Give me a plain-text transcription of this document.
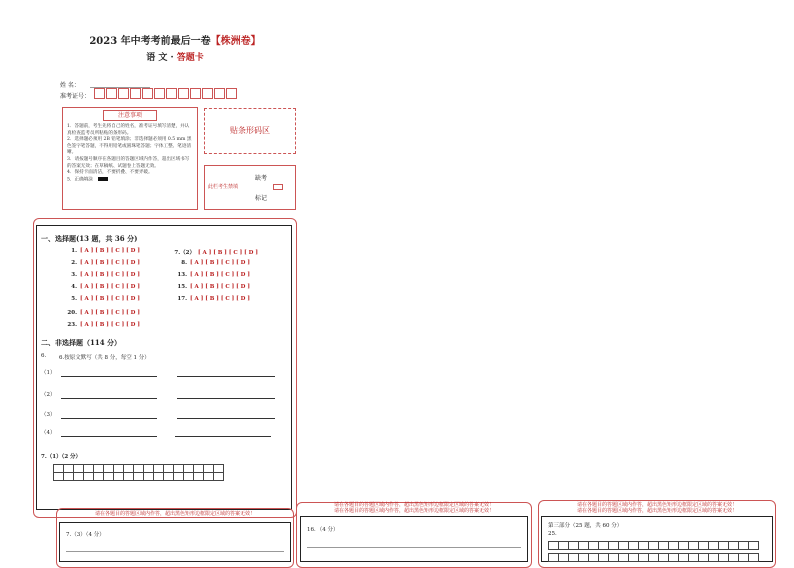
2023 年中考考前最后一卷【株洲卷】
语 文 · 答题卡
姓 名：
准考证号：
注意事项

1．答题前，考生先将自己的姓名，准考证号填写清楚，并认真检查监考员所粘贴的条形码。

2．选择题必须用 2B 铅笔填涂；非选择题必须用 0.5 mm 黑色签字笔答题，不得用铅笔或圆珠笔答题；字体工整、笔迹清晰。

3．请按题号顺序在各题目的答题区域内作答，超出区域书写的答案无效；在草稿纸、试题卷上答题无效。

4．保持卡面清洁，不要折叠、不要弄破。

5．正确填涂

贴条形码区
缺考
此栏考生禁填
标记
一、选择题(13 题，共 36 分)
1. [ A ] [ B ] [ C ] [ D ]
2. [ A ] [ B ] [ C ] [ D ]
3. [ A ] [ B ] [ C ] [ D ]
4. [ A ] [ B ] [ C ] [ D ]
5. [ A ] [ B ] [ C ] [ D ]
20. [ A ] [ B ] [ C ] [ D ]
23. [ A ] [ B ] [ C ] [ D ]
7.（2） [ A ] [ B ] [ C ] [ D ]
8. [ A ] [ B ] [ C ] [ D ]
13. [ A ] [ B ] [ C ] [ D ]
15. [ A ] [ B ] [ C ] [ D ]
17. [ A ] [ B ] [ C ] [ D ]
二、非选择题（114 分）
6. 6.按原文默写（共 8 分，每空 1 分）
（1）
（2）
（3）
（4）
7.（1）（2 分）
请在各题目的答题区域内作答，超出黑色矩形边框限定区域的答案无效！
7.（3）（4 分）
请在各题目的答题区域内作答，超出黑色矩形边框限定区域的答案无效！
请在各题目的答题区域内作答，超出黑色矩形边框限定区域的答案无效！
16．（4 分）
请在各题目的答题区域内作答，超出黑色矩形边框限定区域的答案无效！
请在各题目的答题区域内作答，超出黑色矩形边框限定区域的答案无效！
第三部分（25 题，共 60 分）
25.
